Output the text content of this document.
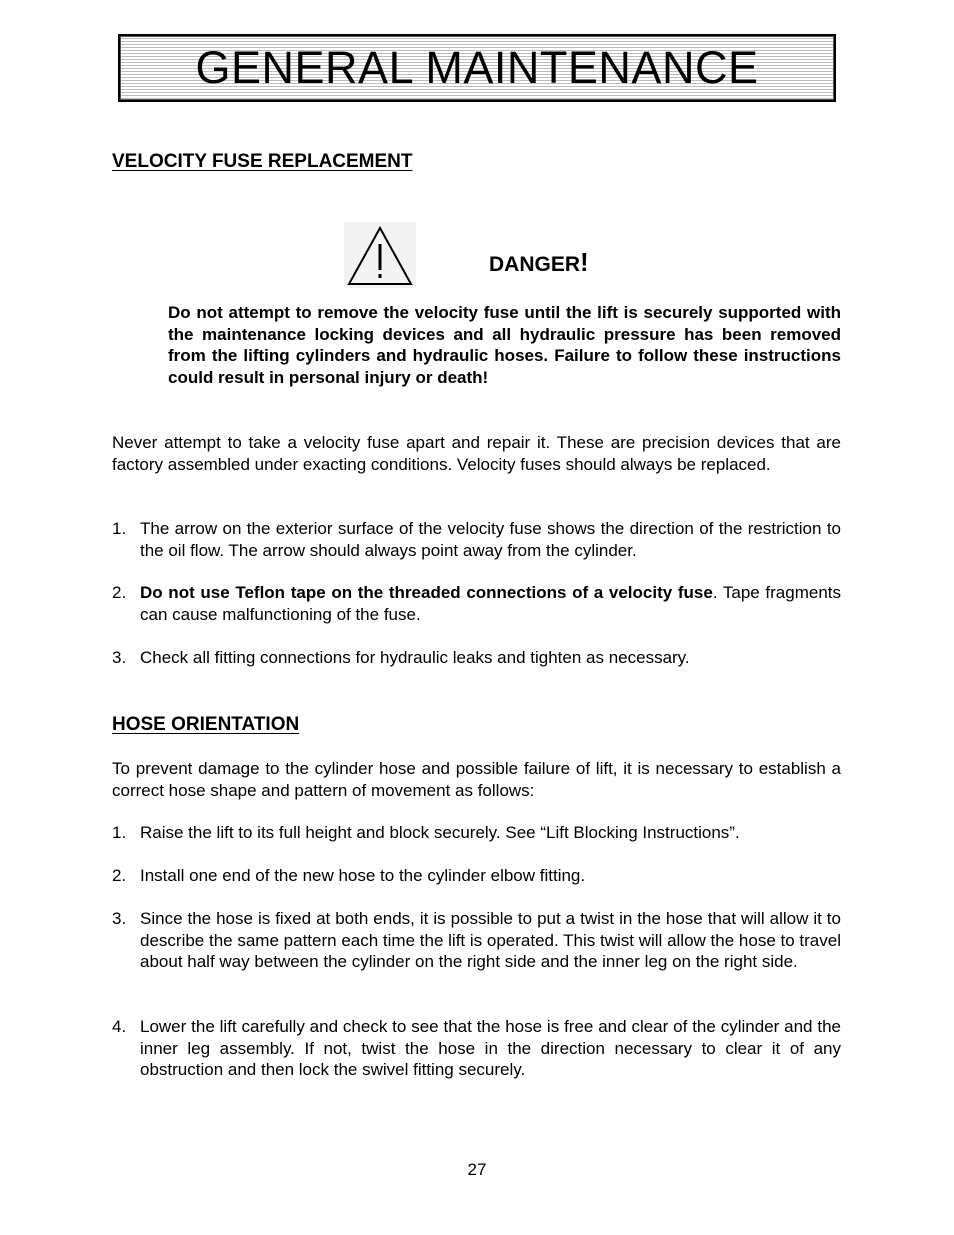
GENERAL MAINTENANCE
VELOCITY FUSE REPLACEMENT
DANGER!

Do not attempt to remove the velocity fuse until the lift is securely supported with the maintenance locking devices and all hydraulic pressure has been removed from the lifting cylinders and hydraulic hoses. Failure to follow these instructions could result in personal injury or death!

Never attempt to take a velocity fuse apart and repair it. These are precision devices that are factory assembled under exacting conditions. Velocity fuses should always be replaced.

1. The arrow on the exterior surface of the velocity fuse shows the direction of the restriction to the oil flow. The arrow should always point away from the cylinder.
2. Do not use Teflon tape on the threaded connections of a velocity fuse. Tape fragments can cause malfunctioning of the fuse.
3. Check all fitting connections for hydraulic leaks and tighten as necessary.
HOSE ORIENTATION

To prevent damage to the cylinder hose and possible failure of lift, it is necessary to establish a correct hose shape and pattern of movement as follows:

1. Raise the lift to its full height and block securely. See “Lift Blocking Instructions”.
2. Install one end of the new hose to the cylinder elbow fitting.
3. Since the hose is fixed at both ends, it is possible to put a twist in the hose that will allow it to describe the same pattern each time the lift is operated. This twist will allow the hose to travel about half way between the cylinder on the right side and the inner leg on the right side.
4. Lower the lift carefully and check to see that the hose is free and clear of the cylinder and the inner leg assembly. If not, twist the hose in the direction necessary to clear it of any obstruction and then lock the swivel fitting securely.
27
